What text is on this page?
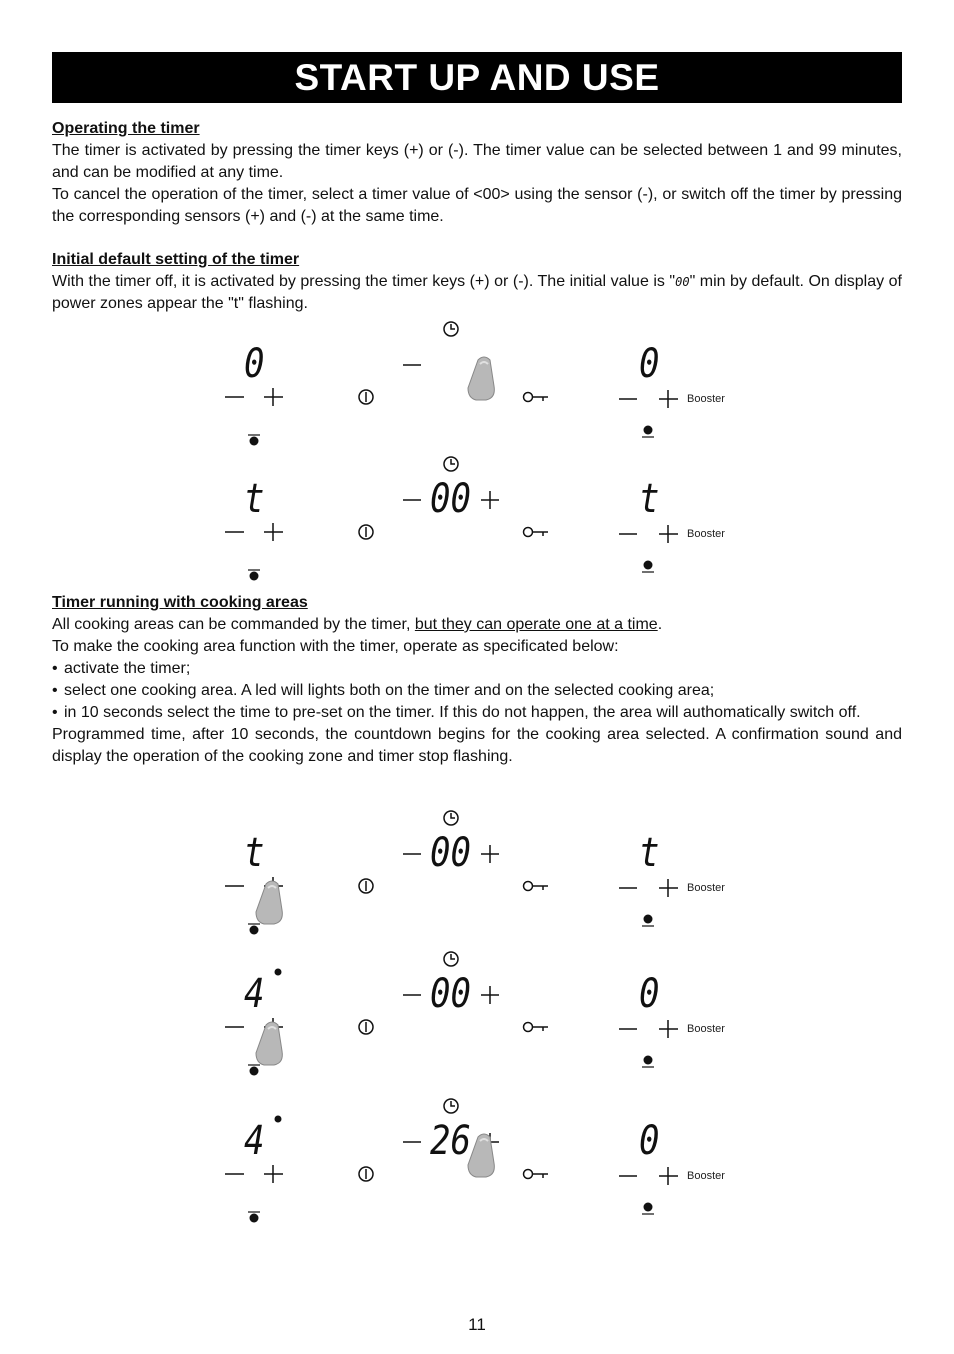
START UP AND USE
Operating the timer
The timer is activated by pressing the timer keys (+) or (-). The timer value can be selected between 1 and 99 minutes, and can be modified at any time.
To cancel the operation of the timer, select a timer value of <00> using the sensor (-), or switch off the timer by pressing the corresponding sensors (+) and (-) at the same time.
Initial default setting of the timer
With the timer off, it is activated by pressing the timer keys (+) or (-). The initial value is "00" min by default. On display of power zones appear the "t" flashing.
Booster
0	0
Booster
t	t
00
Timer running with cooking areas
All cooking areas can be commanded by the timer, but they can operate one at a time.
To make the cooking area function with the timer, operate as specificated below:
• activate the timer;
• select one cooking area. A led will lights both on the timer and on the selected cooking area;
• in 10 seconds select the time to pre-set on the timer. If this do not happen, the area will authomatically switch off.
Programmed time, after 10 seconds, the countdown begins for the cooking area selected. A confirmation sound and display the operation of the cooking zone and timer stop flashing.
Booster
t	t
00
Booster
4	0
00
Booster
4	0
26
11
